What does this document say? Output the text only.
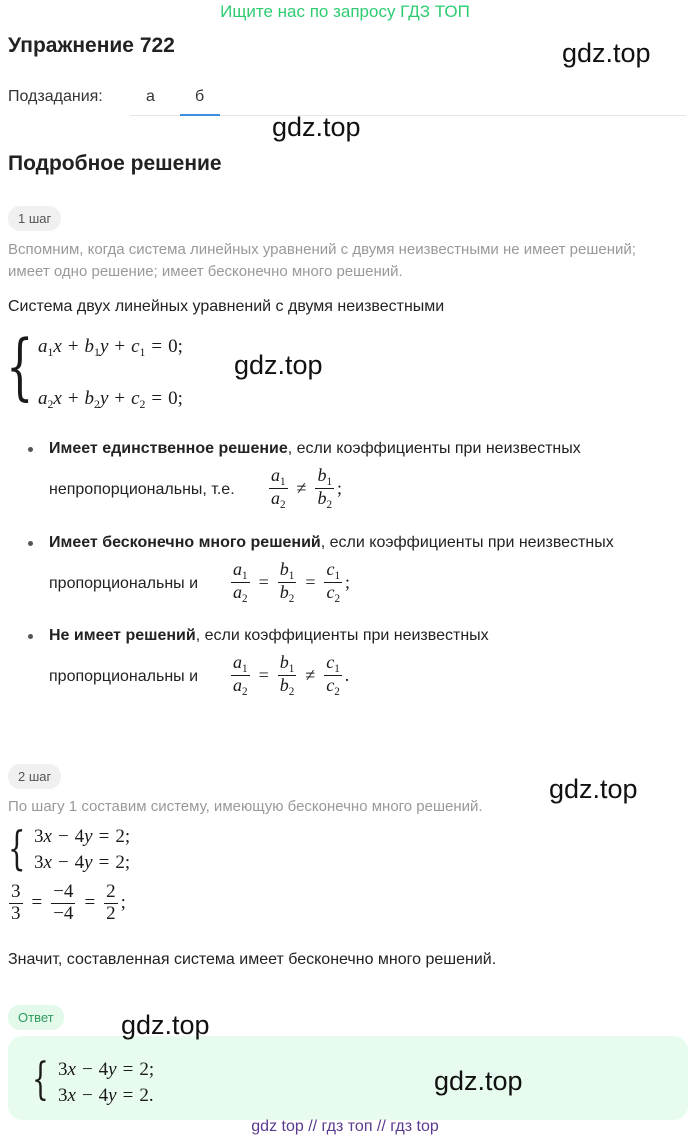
Ищите нас по запросу ГДЗ ТОП
Упражнение 722	gdz.top
Подзадания:	а	б
gdz.top
Подробное решение
1 шаг
Вспомним, когда система линейных уравнений с двумя неизвестными не имеет решений; имеет одно решение; имеет бесконечно много решений.
Система двух линейных уравнений с двумя неизвестными
{ $a_1x + b_1y + c_1 = 0$;
$a_2x + b_2y + c_2 = 0$;
gdz.top
Имеет единственное решение, если коэффициенты при неизвестных
непропорциональны, т.е. $\frac{a_1}{a_2} \ne \frac{b_1}{b_2}$ ;
Имеет бесконечно много решений, если коэффициенты при неизвестных
пропорциональны и $\frac{a_1}{a_2} = \frac{b_1}{b_2} = \frac{c_1}{c_2}$ ;
Не имеет решений, если коэффициенты при неизвестных
пропорциональны и $\frac{a_1}{a_2} = \frac{b_1}{b_2} \ne \frac{c_1}{c_2}$ .
2 шаг	gdz.top
По шагу 1 составим систему, имеющую бесконечно много решений.
{ 3x − 4y = 2;
3x − 4y = 2;
$\frac{3}{3} = \frac{-4}{-4} = \frac{2}{2}$ ;
Значит, составленная система имеет бесконечно много решений.
Ответ	gdz.top
{ 3x − 4y = 2;
3x − 4y = 2.	gdz.top
gdz top // гдз топ // гдз top
